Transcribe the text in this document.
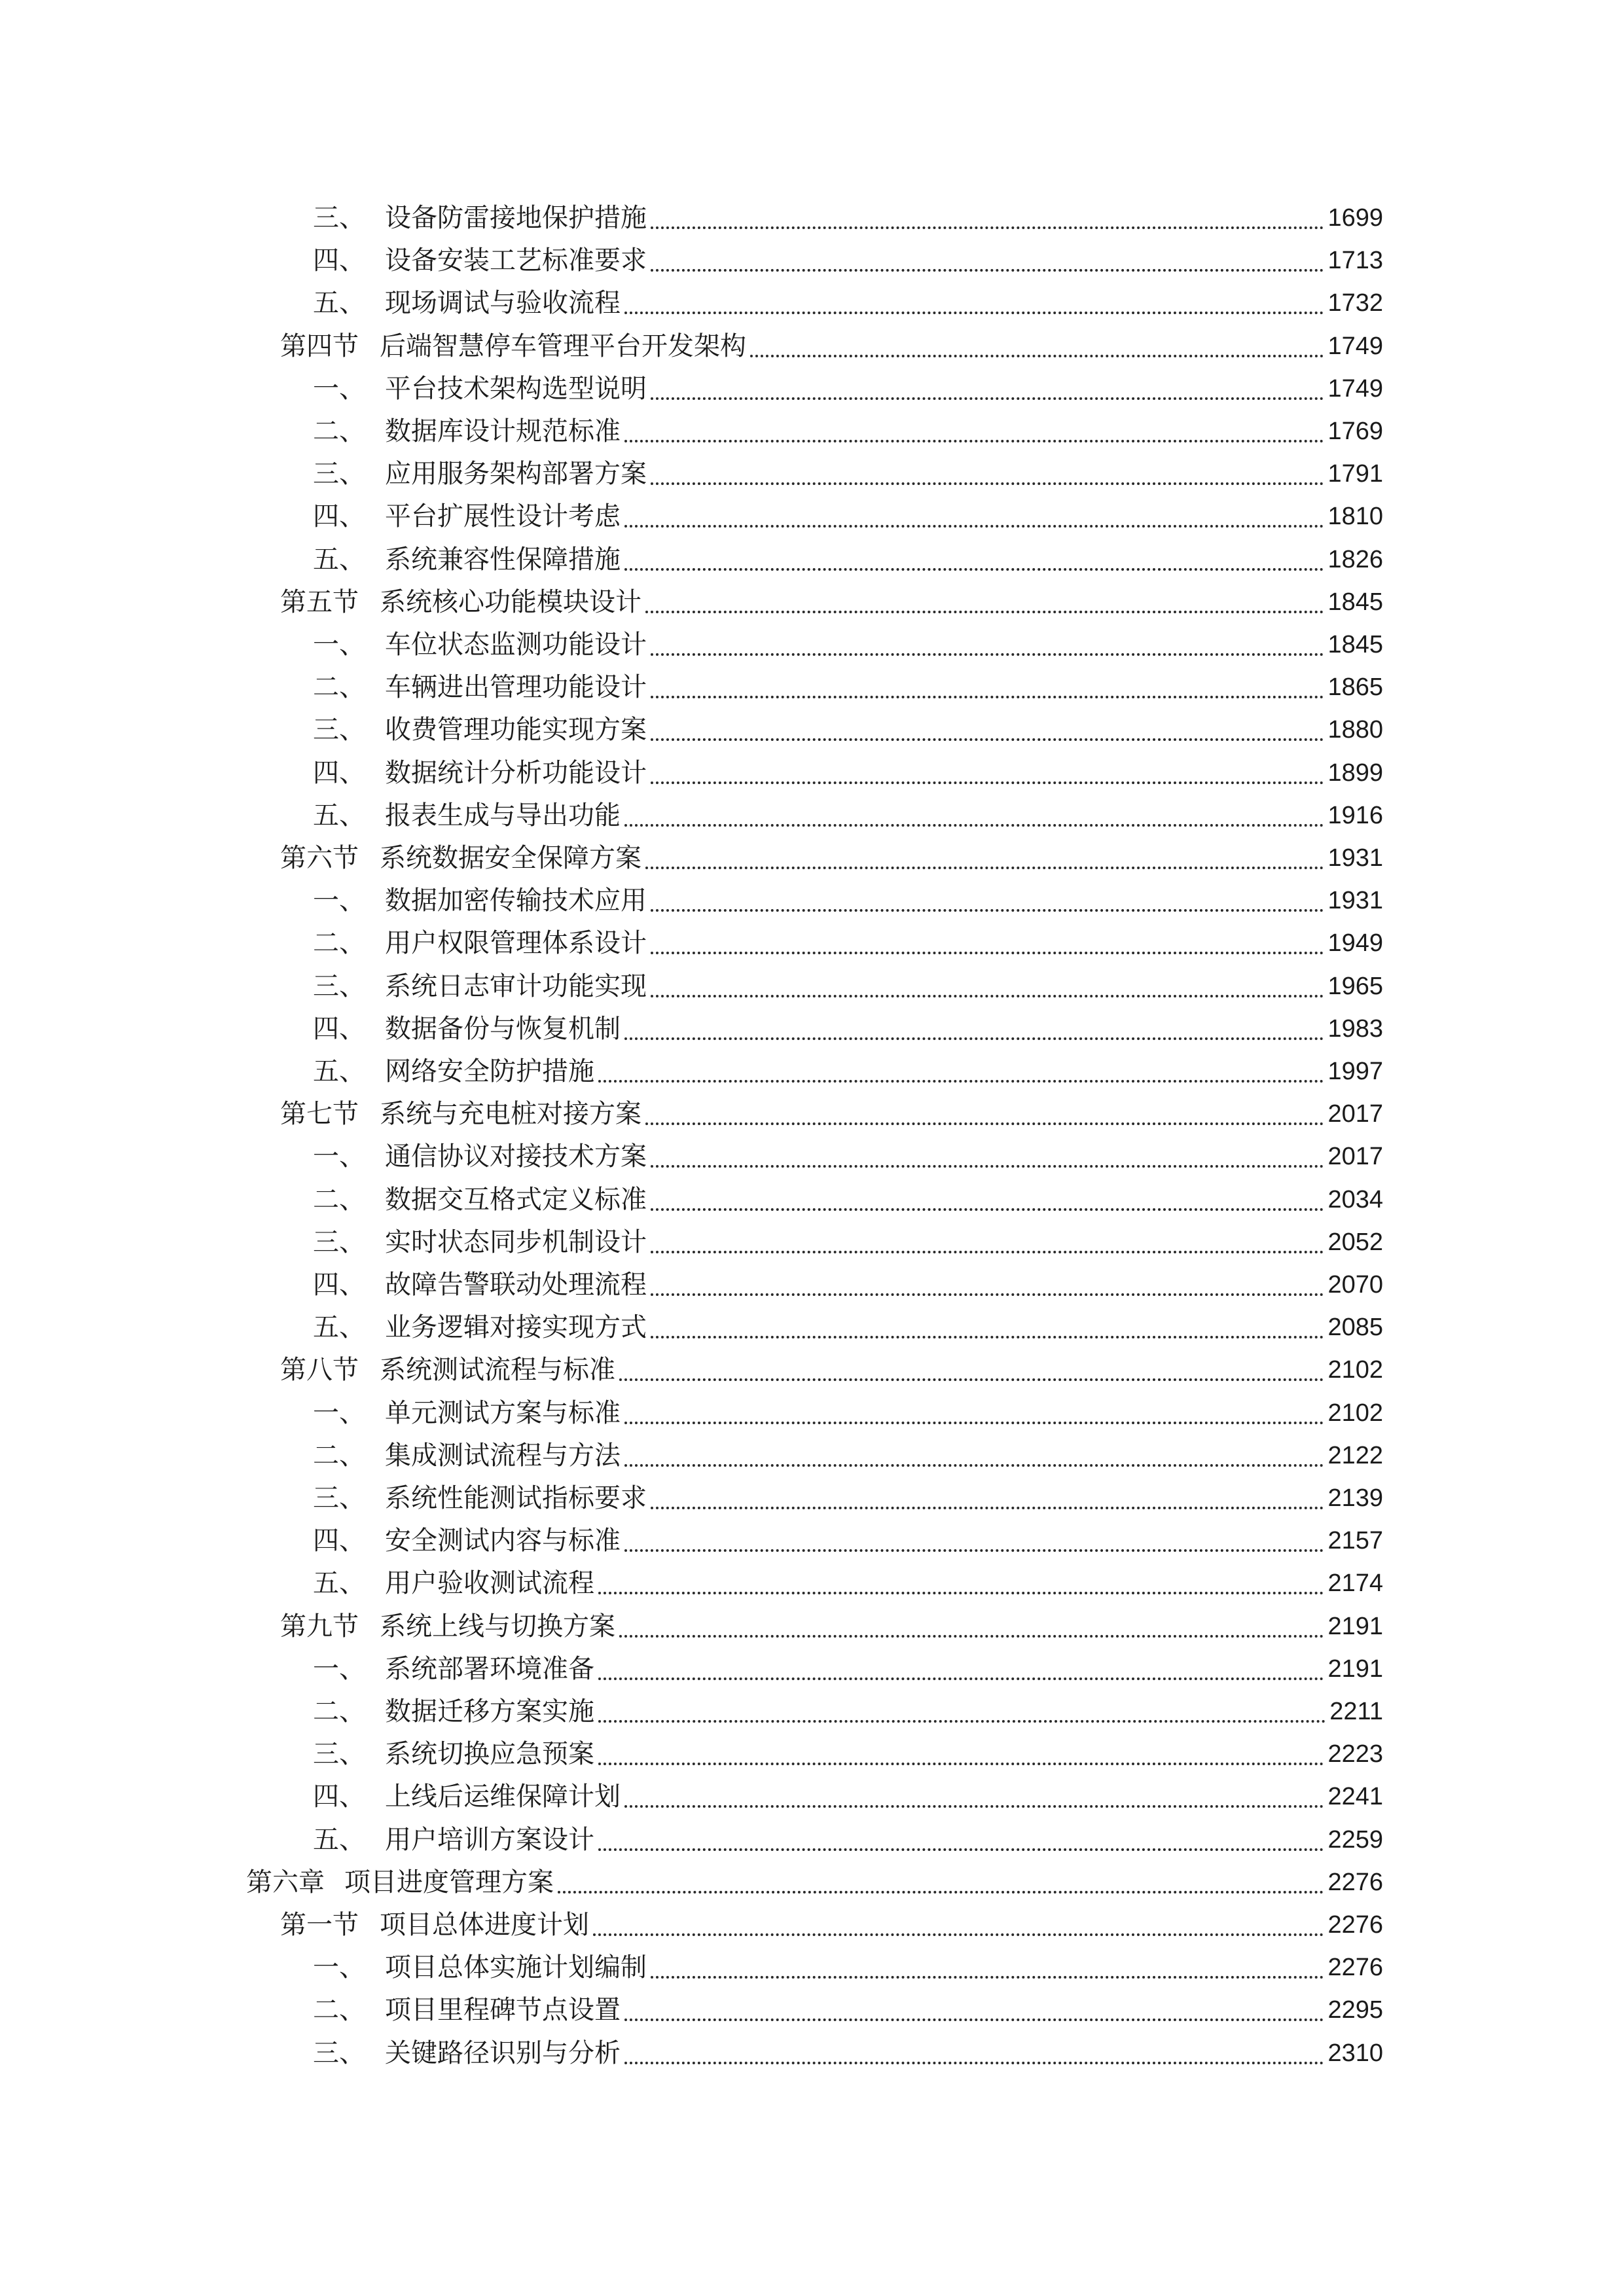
三、 设备防雷接地保护措施	1699
四、 设备安装工艺标准要求	1713
五、 现场调试与验收流程	1732
第四节 后端智慧停车管理平台开发架构	1749
一、 平台技术架构选型说明	1749
二、 数据库设计规范标准	1769
三、 应用服务架构部署方案	1791
四、 平台扩展性设计考虑	1810
五、 系统兼容性保障措施	1826
第五节 系统核心功能模块设计	1845
一、 车位状态监测功能设计	1845
二、 车辆进出管理功能设计	1865
三、 收费管理功能实现方案	1880
四、 数据统计分析功能设计	1899
五、 报表生成与导出功能	1916
第六节 系统数据安全保障方案	1931
一、 数据加密传输技术应用	1931
二、 用户权限管理体系设计	1949
三、 系统日志审计功能实现	1965
四、 数据备份与恢复机制	1983
五、 网络安全防护措施	1997
第七节 系统与充电桩对接方案	2017
一、 通信协议对接技术方案	2017
二、 数据交互格式定义标准	2034
三、 实时状态同步机制设计	2052
四、 故障告警联动处理流程	2070
五、 业务逻辑对接实现方式	2085
第八节 系统测试流程与标准	2102
一、 单元测试方案与标准	2102
二、 集成测试流程与方法	2122
三、 系统性能测试指标要求	2139
四、 安全测试内容与标准	2157
五、 用户验收测试流程	2174
第九节 系统上线与切换方案	2191
一、 系统部署环境准备	2191
二、 数据迁移方案实施	2211
三、 系统切换应急预案	2223
四、 上线后运维保障计划	2241
五、 用户培训方案设计	2259
第六章 项目进度管理方案	2276
第一节 项目总体进度计划	2276
一、 项目总体实施计划编制	2276
二、 项目里程碑节点设置	2295
三、 关键路径识别与分析	2310
